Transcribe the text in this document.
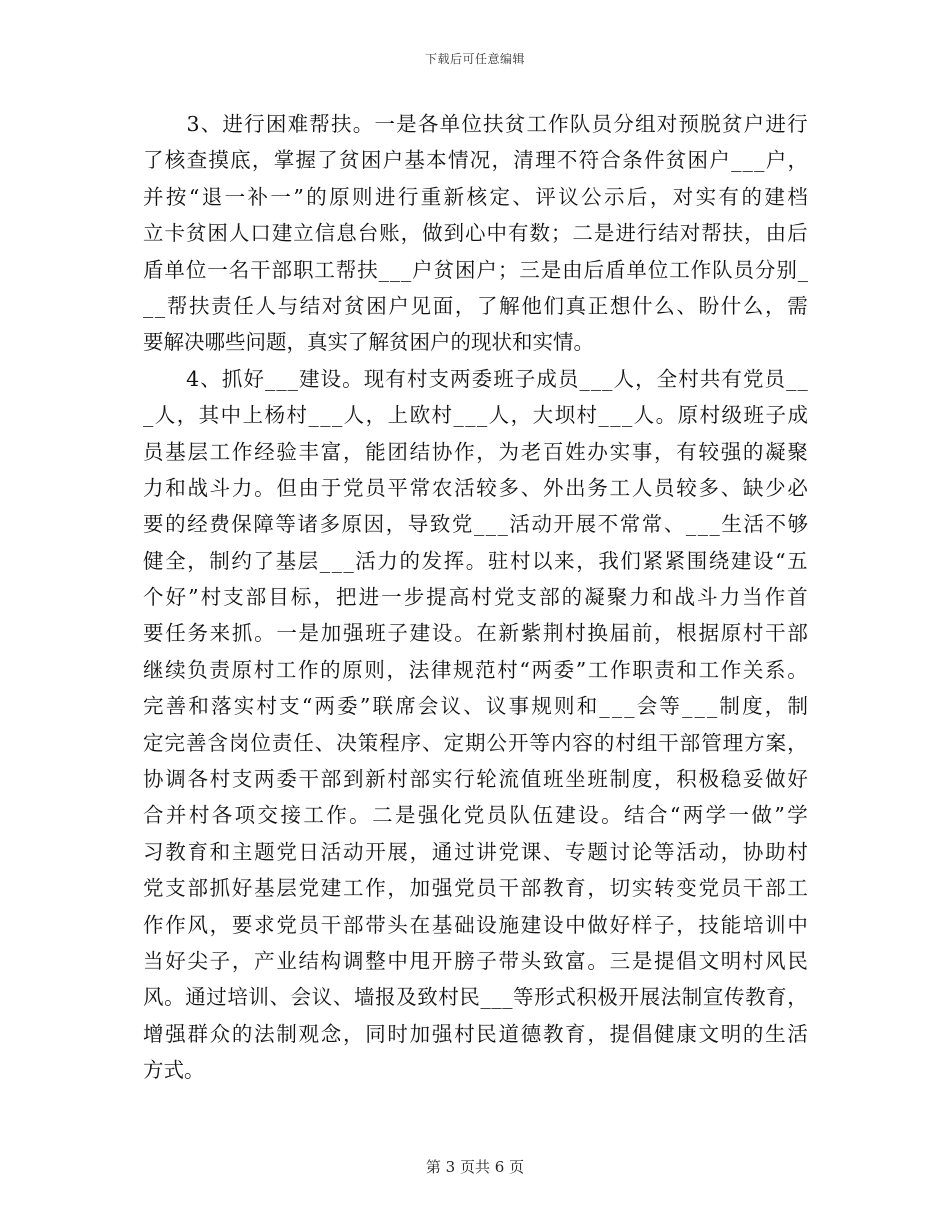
下载后可任意编辑

3 、 进 行 困 难 帮 扶 。 一 是 各 单 位 扶 贫 工 作 队 员 分 组 对 预 脱 贫 户 进 行
了 核 查 摸 底 ， 掌 握 了 贫 困 户 基 本 情 况 ， 清 理 不 符 合 条 件 贫 困 户 _ _ _ 户 ，
并 按 “ 退 一 补 一 ” 的 原 则 进 行 重 新 核 定 、 评 议 公 示 后 ， 对 实 有 的 建 档
立 卡 贫 困 人 口 建 立 信 息 台 账 ， 做 到 心 中 有 数 ； 二 是 进 行 结 对 帮 扶 ， 由 后
盾 单 位 一 名 干 部 职 工 帮 扶 _ _ _ 户 贫 困 户 ； 三 是 由 后 盾 单 位 工 作 队 员 分 别 _
_ _ 帮 扶 责 任 人 与 结 对 贫 困 户 见 面 ， 了 解 他 们 真 正 想 什 么 、 盼 什 么 ， 需
要解决哪些问题，真实了解贫困户的现状和实情。

4 、 抓 好 _ _ _ 建 设 。 现 有 村 支 两 委 班 子 成 员 _ _ _ 人 ， 全 村 共 有 党 员 _ _
_ 人 ， 其 中 上 杨 村 _ _ _ 人 ， 上 欧 村 _ _ _ 人 ， 大 坝 村 _ _ _ 人 。 原 村 级 班 子 成
员 基 层 工 作 经 验 丰 富 ， 能 团 结 协 作 ， 为 老 百 姓 办 实 事 ， 有 较 强 的 凝 聚
力 和 战 斗 力 。 但 由 于 党 员 平 常 农 活 较 多 、 外 出 务 工 人 员 较 多 、 缺 少 必
要 的 经 费 保 障 等 诸 多 原 因 ， 导 致 党 _ _ _ 活 动 开 展 不 常 常 、 _ _ _ 生 活 不 够
健 全 ， 制 约 了 基 层 _ _ _ 活 力 的 发 挥 。 驻 村 以 来 ， 我 们 紧 紧 围 绕 建 设 “ 五
个 好 ” 村 支 部 目 标 ， 把 进 一 步 提 高 村 党 支 部 的 凝 聚 力 和 战 斗 力 当 作 首
要 任 务 来 抓 。 一 是 加 强 班 子 建 设 。 在 新 紫 荆 村 换 届 前 ， 根 据 原 村 干 部
继 续 负 责 原 村 工 作 的 原 则 ， 法 律 规 范 村 “ 两 委 ” 工 作 职 责 和 工 作 关 系 。
完 善 和 落 实 村 支 “ 两 委 ” 联 席 会 议 、 议 事 规 则 和 _ _ _ 会 等 _ _ _ 制 度 ， 制
定 完 善 含 岗 位 责 任 、 决 策 程 序 、 定 期 公 开 等 内 容 的 村 组 干 部 管 理 方 案 ，
协 调 各 村 支 两 委 干 部 到 新 村 部 实 行 轮 流 值 班 坐 班 制 度 ， 积 极 稳 妥 做 好
合 并 村 各 项 交 接 工 作 。 二 是 强 化 党 员 队 伍 建 设 。 结 合 “ 两 学 一 做 ” 学
习 教 育 和 主 题 党 日 活 动 开 展 ， 通 过 讲 党 课 、 专 题 讨 论 等 活 动 ， 协 助 村
党 支 部 抓 好 基 层 党 建 工 作 ， 加 强 党 员 干 部 教 育 ， 切 实 转 变 党 员 干 部 工
作 作 风 ， 要 求 党 员 干 部 带 头 在 基 础 设 施 建 设 中 做 好 样 子 ， 技 能 培 训 中
当 好 尖 子 ， 产 业 结 构 调 整 中 甩 开 膀 子 带 头 致 富 。 三 是 提 倡 文 明 村 风 民
风 。 通 过 培 训 、 会 议 、 墙 报 及 致 村 民 _ _ _ 等 形 式 积 极 开 展 法 制 宣 传 教 育 ，
增 强 群 众 的 法 制 观 念 ， 同 时 加 强 村 民 道 德 教 育 ， 提 倡 健 康 文 明 的 生 活
方式。
第 3 页共 6 页
